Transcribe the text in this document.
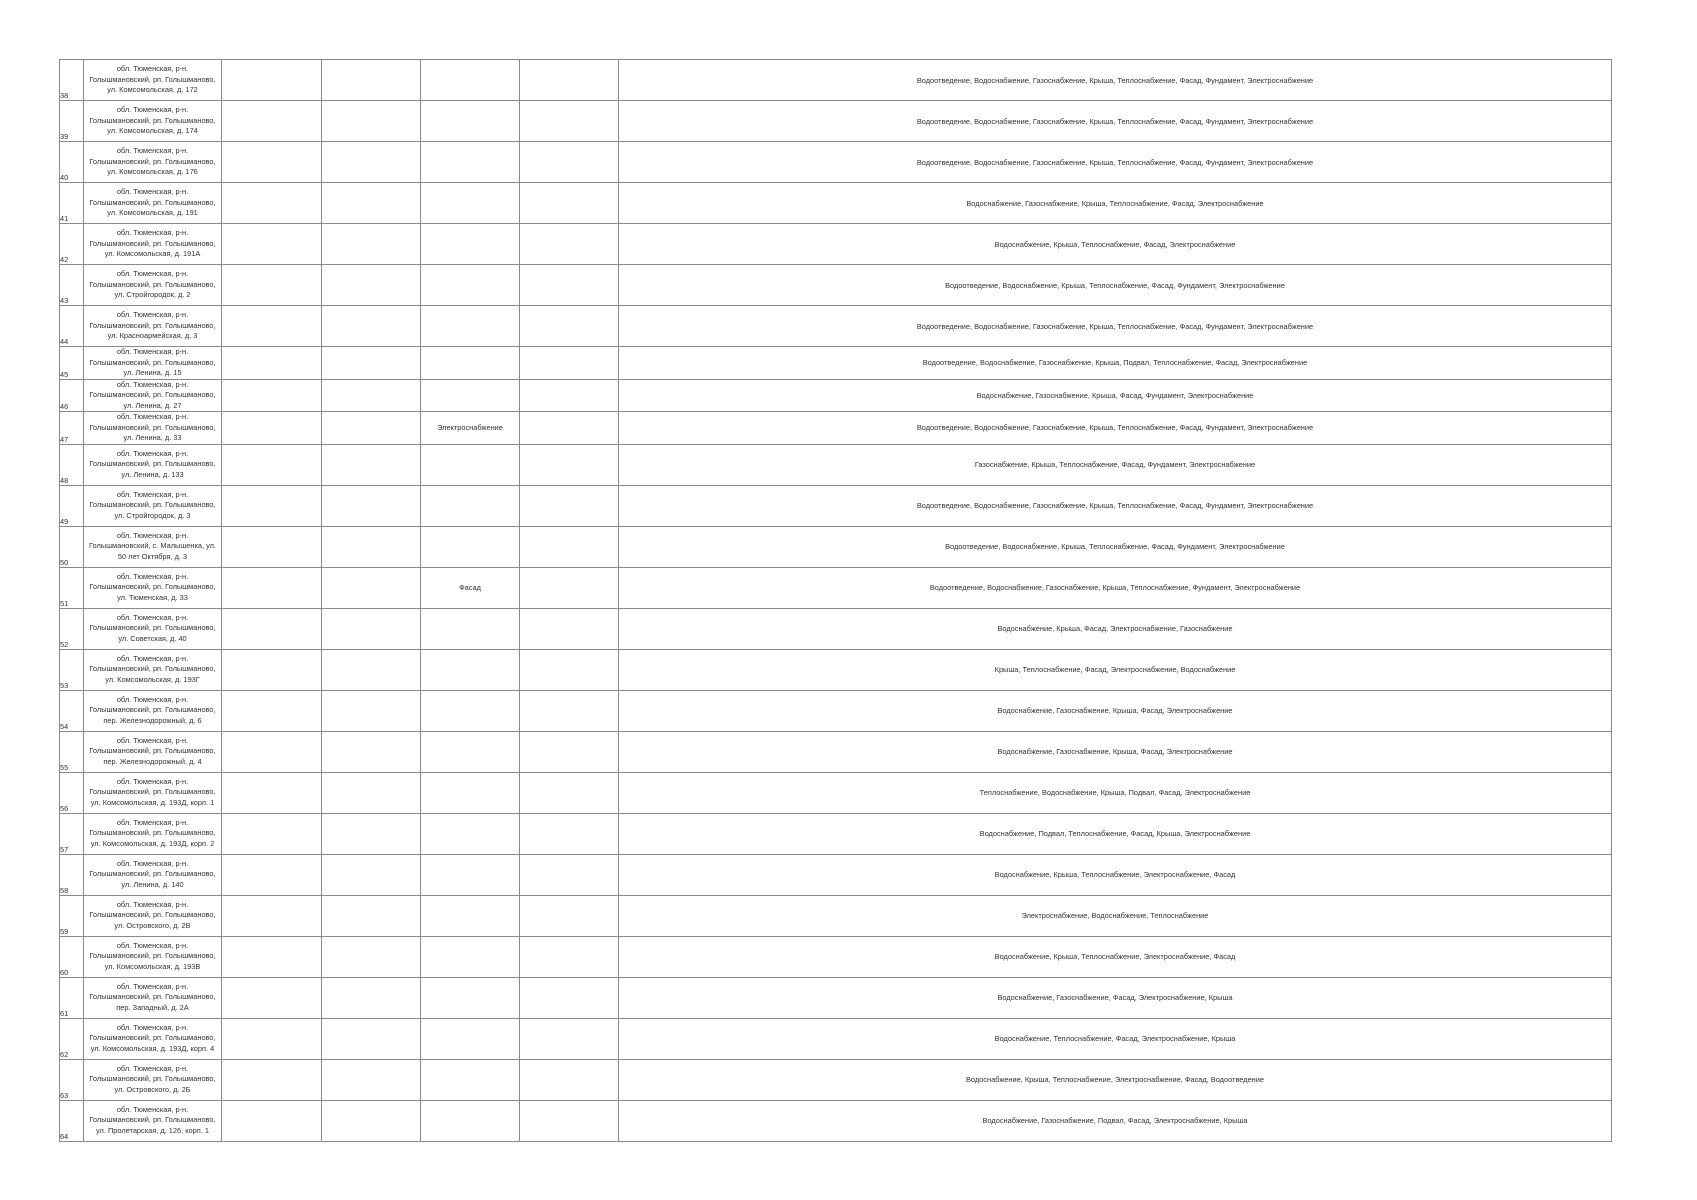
38	обл. Тюменская, р-н.
Голышмановский, рп. Голышманово,
ул. Комсомольская, д. 172					Водоотведение, Водоснабжение, Газоснабжение, Крыша, Теплоснабжение, Фасад, Фундамент, Электроснабжение
39	обл. Тюменская, р-н.
Голышмановский, рп. Голышманово,
ул. Комсомольская, д. 174					Водоотведение, Водоснабжение, Газоснабжение, Крыша, Теплоснабжение, Фасад, Фундамент, Электроснабжение
40	обл. Тюменская, р-н.
Голышмановский, рп. Голышманово,
ул. Комсомольская, д. 176					Водоотведение, Водоснабжение, Газоснабжение, Крыша, Теплоснабжение, Фасад, Фундамент, Электроснабжение
41	обл. Тюменская, р-н.
Голышмановский, рп. Голышманово,
ул. Комсомольская, д. 191					Водоснабжение, Газоснабжение, Крыша, Теплоснабжение, Фасад, Электроснабжение
42	обл. Тюменская, р-н.
Голышмановский, рп. Голышманово,
ул. Комсомольская, д. 191А					Водоснабжение, Крыша, Теплоснабжение, Фасад, Электроснабжение
43	обл. Тюменская, р-н.
Голышмановский, рп. Голышманово,
ул. Стройгородок, д. 2					Водоотведение, Водоснабжение, Крыша, Теплоснабжение, Фасад, Фундамент, Электроснабжение
44	обл. Тюменская, р-н.
Голышмановский, рп. Голышманово,
ул. Красноармейская, д. 3					Водоотведение, Водоснабжение, Газоснабжение, Крыша, Теплоснабжение, Фасад, Фундамент, Электроснабжение
45	обл. Тюменская, р-н.
Голышмановский, рп. Голышманово,
ул. Ленина, д. 15					Водоотведение, Водоснабжение, Газоснабжение, Крыша, Подвал, Теплоснабжение, Фасад, Электроснабжение
46	обл. Тюменская, р-н.
Голышмановский, рп. Голышманово,
ул. Ленина, д. 27					Водоснабжение, Газоснабжение, Крыша, Фасад, Фундамент, Электроснабжение
47	обл. Тюменская, р-н.
Голышмановский, рп. Голышманово,
ул. Ленина, д. 33			Электроснабжение		Водоотведение, Водоснабжение, Газоснабжение, Крыша, Теплоснабжение, Фасад, Фундамент, Электроснабжение
48	обл. Тюменская, р-н.
Голышмановский, рп. Голышманово,
ул. Ленина, д. 133					Газоснабжение, Крыша, Теплоснабжение, Фасад, Фундамент, Электроснабжение
49	обл. Тюменская, р-н.
Голышмановский, рп. Голышманово,
ул. Стройгородок, д. 3					Водоотведение, Водоснабжение, Газоснабжение, Крыша, Теплоснабжение, Фасад, Фундамент, Электроснабжение
50	обл. Тюменская, р-н.
Голышмановский, с. Малышенка, ул.
50 лет Октября, д. 3					Водоотведение, Водоснабжение, Крыша, Теплоснабжение, Фасад, Фундамент, Электроснабжение
51	обл. Тюменская, р-н.
Голышмановский, рп. Голышманово,
ул. Тюменская, д. 33			Фасад		Водоотведение, Водоснабжение, Газоснабжение, Крыша, Теплоснабжение, Фундамент, Электроснабжение
52	обл. Тюменская, р-н.
Голышмановский, рп. Голышманово,
ул. Советская, д. 40					Водоснабжение, Крыша, Фасад, Электроснабжение, Газоснабжение
53	обл. Тюменская, р-н.
Голышмановский, рп. Голышманово,
ул. Комсомольская, д. 193Г					Крыша, Теплоснабжение, Фасад, Электроснабжение, Водоснабжение
54	обл. Тюменская, р-н.
Голышмановский, рп. Голышманово,
пер. Железнодорожный, д. 6					Водоснабжение, Газоснабжение, Крыша, Фасад, Электроснабжение
55	обл. Тюменская, р-н.
Голышмановский, рп. Голышманово,
пер. Железнодорожный, д. 4					Водоснабжение, Газоснабжение, Крыша, Фасад, Электроснабжение
56	обл. Тюменская, р-н.
Голышмановский, рп. Голышманово,
ул. Комсомольская, д. 193Д, корп. 1					Теплоснабжение, Водоснабжение, Крыша, Подвал, Фасад, Электроснабжение
57	обл. Тюменская, р-н.
Голышмановский, рп. Голышманово,
ул. Комсомольская, д. 193Д, корп. 2					Водоснабжение, Подвал, Теплоснабжение, Фасад, Крыша, Электроснабжение
58	обл. Тюменская, р-н.
Голышмановский, рп. Голышманово,
ул. Ленина, д. 140					Водоснабжение, Крыша, Теплоснабжение, Электроснабжение, Фасад
59	обл. Тюменская, р-н.
Голышмановский, рп. Голышманово,
ул. Островского, д. 2В					Электроснабжение, Водоснабжение, Теплоснабжение
60	обл. Тюменская, р-н.
Голышмановский, рп. Голышманово,
ул. Комсомольская, д. 193В					Водоснабжение, Крыша, Теплоснабжение, Электроснабжение, Фасад
61	обл. Тюменская, р-н.
Голышмановский, рп. Голышманово,
пер. Западный, д. 2А					Водоснабжение, Газоснабжение, Фасад, Электроснабжение, Крыша
62	обл. Тюменская, р-н.
Голышмановский, рп. Голышманово,
ул. Комсомольская, д. 193Д, корп. 4					Водоснабжение, Теплоснабжение, Фасад, Электроснабжение, Крыша
63	обл. Тюменская, р-н.
Голышмановский, рп. Голышманово,
ул. Островского, д. 2Б					Водоснабжение, Крыша, Теплоснабжение, Электроснабжение, Фасад, Водоотведение
64	обл. Тюменская, р-н.
Голышмановский, рп. Голышманово,
ул. Пролетарская, д. 126, корп. 1					Водоснабжение, Газоснабжение, Подвал, Фасад, Электроснабжение, Крыша
